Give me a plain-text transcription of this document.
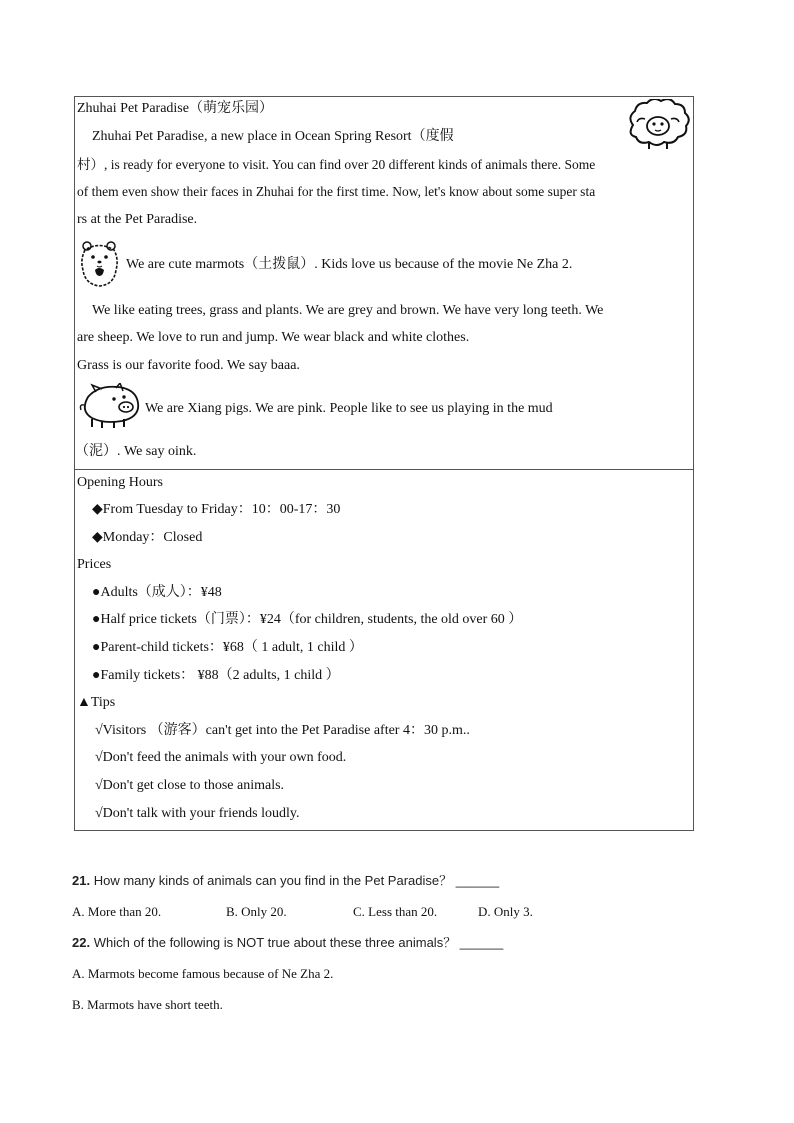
Zhuhai Pet Paradise（萌宠乐园）
Zhuhai Pet Paradise, a new place in Ocean Spring Resort（度假
村）, is ready for everyone to visit. You can find over 20 different kinds of animals there. Some
of them even show their faces in Zhuhai for the first time. Now, let's know about some super sta
rs at the Pet Paradise.
We are cute marmots（土拨鼠）. Kids love us because of the movie Ne Zha 2.
We like eating trees, grass and plants. We are grey and brown. We have very long teeth. We
are sheep. We love to run and jump. We wear black and white clothes.
Grass is our favorite food. We say baaa.
We are Xiang pigs. We are pink. People like to see us playing in the mud
（泥）. We say oink.
Opening Hours
◆From Tuesday to Friday：10：00-17：30
◆Monday：Closed
Prices
●Adults（成人）：¥48
●Half price tickets（门票）：¥24（for children, students, the old over 60 ）
●Parent-child tickets：¥68（ 1 adult, 1 child ）
●Family tickets： ¥88（2 adults, 1 child ）
▲Tips
√Visitors （游客）can't get into the Pet Paradise after 4：30 p.m..
√Don't feed the animals with your own food.
√Don't get close to those animals.
√Don't talk with your friends loudly.
21. How many kinds of animals can you find in the Pet Paradise？ ______
A. More than 20.	B. Only 20.	C. Less than 20.	D. Only 3.
22. Which of the following is NOT true about these three animals？ ______
A. Marmots become famous because of Ne Zha 2.
B. Marmots have short teeth.
